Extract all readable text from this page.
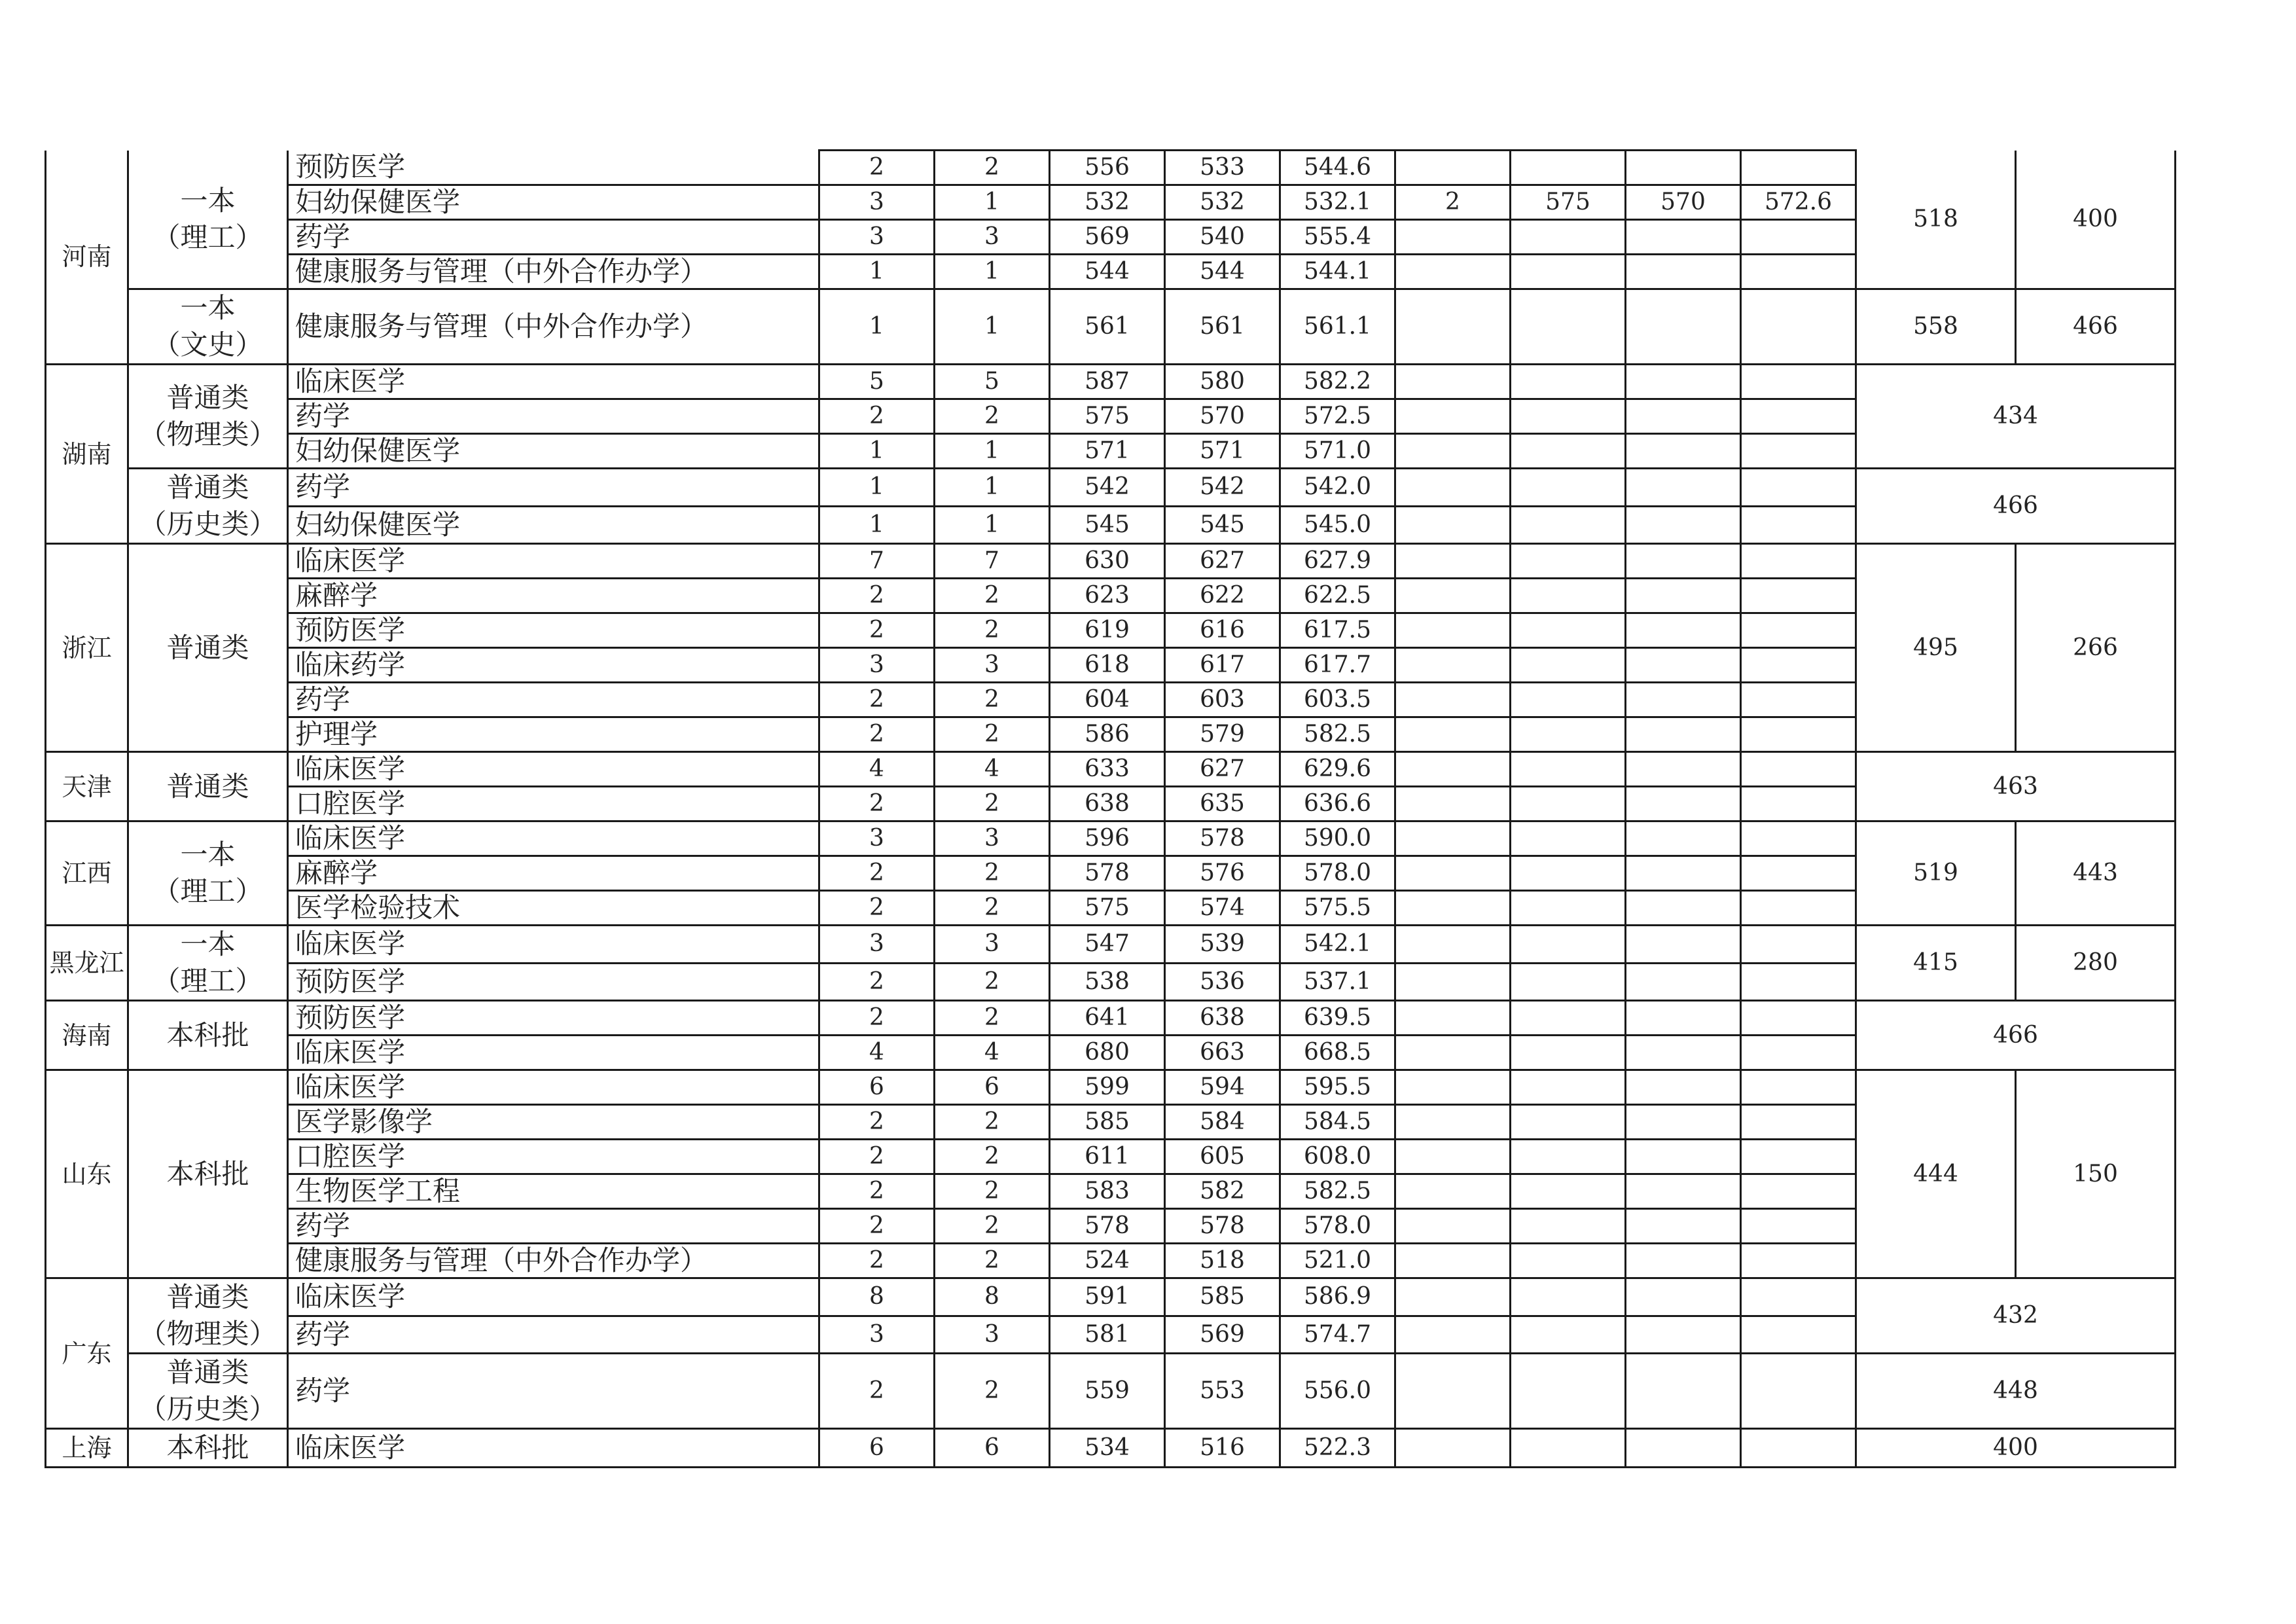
河南	一本
（理工）	预防医学	2	2	556	533	544.6					518	400
		妇幼保健医学	3	1	532	532	532.1	2	575	570	572.6		
		药学	3	3	569	540	555.4						
		健康服务与管理（中外合作办学）	1	1	544	544	544.1						

	一本
（文史）	健康服务与管理（中外合作办学）	1	1	561	561	561.1					558	466
湖南	普通类
（物理类）	临床医学	5	5	587	580	582.2					434	
		药学	2	2	575	570	572.5						
		妇幼保健医学	1	1	571	571	571.0						

	普通类
（历史类）	药学	1	1	542	542	542.0					466	
		妇幼保健医学	1	1	545	545	545.0						
浙江	普通类	临床医学	7	7	630	627	627.9					495	266
		麻醉学	2	2	623	622	622.5						
		预防医学	2	2	619	616	617.5						
		临床药学	3	3	618	617	617.7						
		药学	2	2	604	603	603.5						
		护理学	2	2	586	579	582.5						
天津	普通类	临床医学	4	4	633	627	629.6					463	
		口腔医学	2	2	638	635	636.6						
江西	一本
（理工）	临床医学	3	3	596	578	590.0					519	443
		麻醉学	2	2	578	576	578.0						
		医学检验技术	2	2	575	574	575.5						
黑龙江	一本
（理工）	临床医学	3	3	547	539	542.1					415	280
		预防医学	2	2	538	536	537.1						
海南	本科批	预防医学	2	2	641	638	639.5					466	
		临床医学	4	4	680	663	668.5						
山东	本科批	临床医学	6	6	599	594	595.5					444	150
		医学影像学	2	2	585	584	584.5						
		口腔医学	2	2	611	605	608.0						
		生物医学工程	2	2	583	582	582.5						
		药学	2	2	578	578	578.0						
		健康服务与管理（中外合作办学）	2	2	524	518	521.0						
广东	普通类
（物理类）	临床医学	8	8	591	585	586.9					432	
		药学	3	3	581	569	574.7						

	普通类
（历史类）	药学	2	2	559	553	556.0					448	
上海	本科批	临床医学	6	6	534	516	522.3					400	
